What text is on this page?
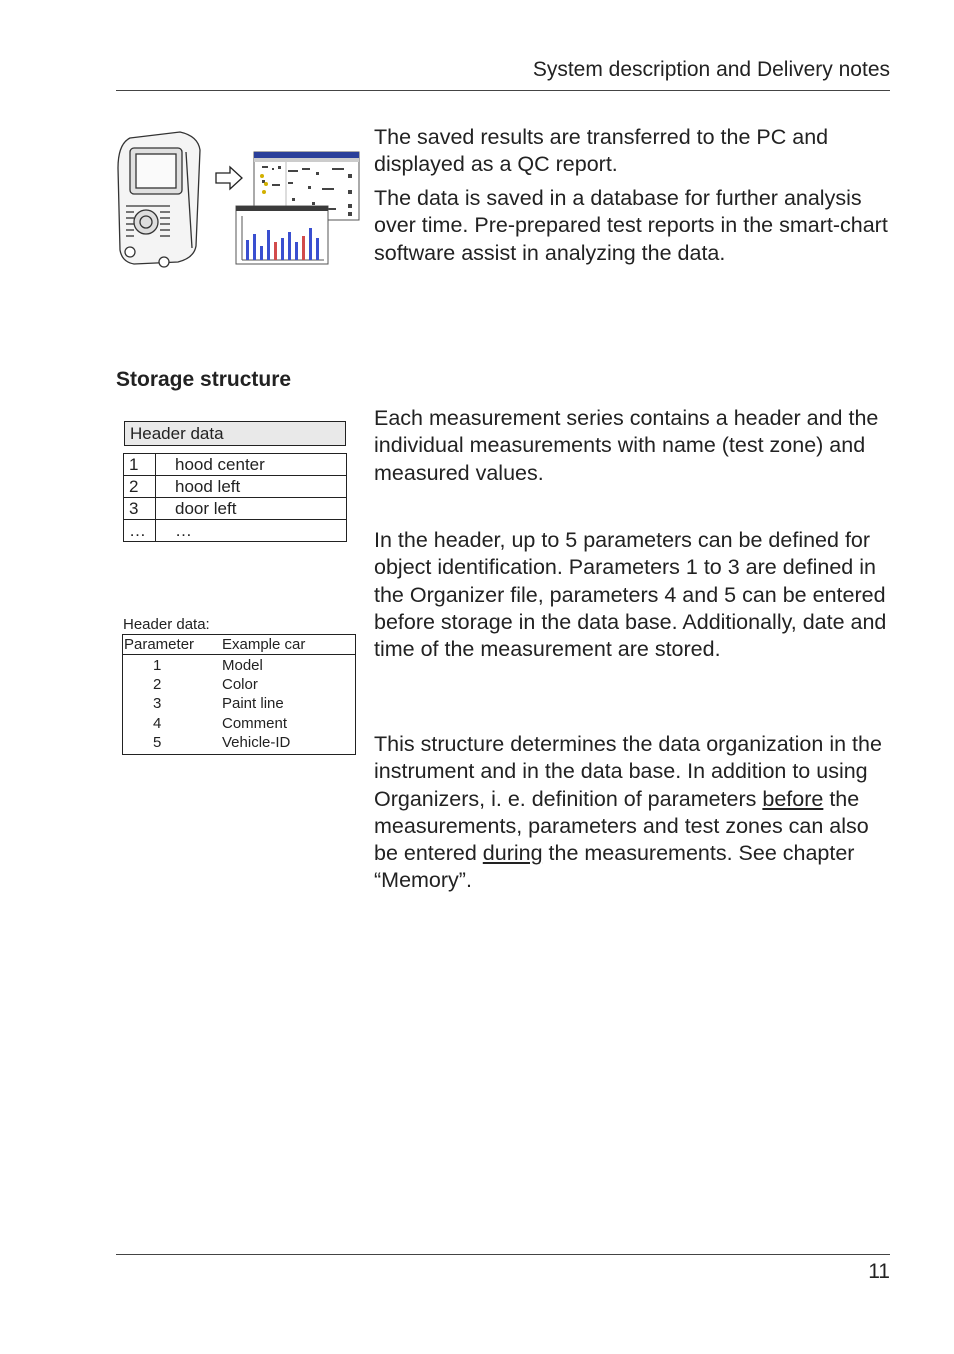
System description and Delivery notes

The saved results are transferred to the PC and displayed as a QC report.

The data is saved in a database for further analysis over time. Pre-prepared test reports in the smart-chart software assist in analyzing the data.

Storage structure
Header data
1	hood center
2	hood left
3	door left
…	…
Header data:
Parameter	Example car
1	Model
2	Color
3	Paint line
4	Comment
5	Vehicle-ID

Each measurement series contains a header and the individual measurements with name (test zone) and measured values.

In the header, up to 5 parameters can be defined for object identification. Parameters 1 to 3 are defined in the Organizer file, parameters 4 and 5 can be entered before storage in the data base. Additionally, date and time of the measurement are stored.

This structure determines the data organization in the instrument and in the data base. In addition to using Organizers, i. e. definition of parameters before the measurements, parameters and test zones can also be entered during the measurements. See chapter “Memory”.

11
